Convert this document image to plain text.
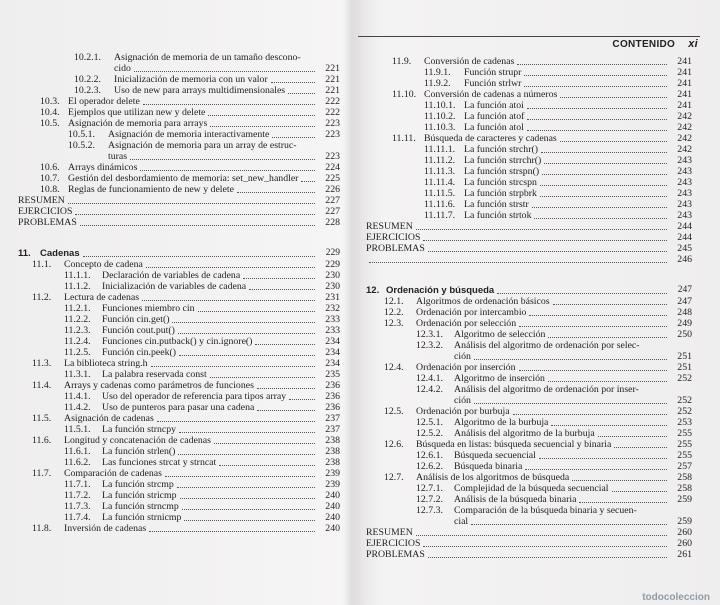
CONTENIDO xi
10.2.1.	Asignación de memoria de un tamaño descono-
cido	221
10.2.2.	Inicialización de memoria con un valor	221
10.2.3.	Uso de new para arrays multidimensionales	221
10.3. El operador delete	222
10.4. Ejemplos que utilizan new y delete	222
10.5. Asignación de memoria para arrays	223
10.5.1.	Asignación de memoria interactivamente	223
10.5.2.	Asignación de memoria para un array de estruc-
turas	223
10.6. Arrays dinámicos	224
10.7. Gestión del desbordamiento de memoria: set_new_handler	225
10.8. Reglas de funcionamiento de new y delete	226
RESUMEN	227
EJERCICIOS	227
PROBLEMAS	228
11. Cadenas	229
11.1.	Concepto de cadena	229
11.1.1.	Declaración de variables de cadena	230
11.1.2.	Inicialización de variables de cadena	230
11.2.	Lectura de cadenas	231
11.2.1.	Funciones miembro cin	232
11.2.2.	Función cin.get()	233
11.2.3.	Función cout.put()	233
11.2.4.	Funciones cin.putback() y cin.ignore()	234
11.2.5.	Función cin.peek()	234
11.3.	La biblioteca string.h	234
11.3.1.	La palabra reservada const	235
11.4.	Arrays y cadenas como parámetros de funciones	236
11.4.1.	Uso del operador de referencia para tipos array	236
11.4.2.	Uso de punteros para pasar una cadena	236
11.5.	Asignación de cadenas	237
11.5.1.	La función strncpy	237
11.6.	Longitud y concatenación de cadenas	238
11.6.1.	La función strlen()	238
11.6.2.	Las funciones strcat y strncat	238
11.7.	Comparación de cadenas	239
11.7.1.	La función strcmp	239
11.7.2.	La función stricmp	240
11.7.3.	La función strncmp	240
11.7.4.	La función strnicmp	240
11.8.	Inversión de cadenas	240
11.9.	Conversión de cadenas	241
11.9.1.	Función strupr	241
11.9.2.	Función strlwr	241
11.10. Conversión de cadenas a números	241
11.10.1. La función atoi	241
11.10.2. La función atof	242
11.10.3. La función atol	242
11.11. Búsqueda de caracteres y cadenas	242
11.11.1. La función strchr()	242
11.11.2. La función strrchr()	243
11.11.3. La función strspn()	243
11.11.4. La función strcspn	243
11.11.5. La función strpbrk	243
11.11.6. La función strstr	243
11.11.7. La función strtok	243
RESUMEN	244
EJERCICIOS	244
PROBLEMAS	245
246
12. Ordenación y búsqueda	247
12.1.	Algoritmos de ordenación básicos	247
12.2.	Ordenación por intercambio	248
12.3.	Ordenación por selección	249
12.3.1.	Algoritmo de selección	250
12.3.2.	Análisis del algoritmo de ordenación por selec-
ción	251
12.4.	Ordenación por inserción	251
12.4.1.	Algoritmo de inserción	252
12.4.2.	Análisis del algoritmo de ordenación por inser-
ción	252
12.5.	Ordenación por burbuja	252
12.5.1.	Algoritmo de la burbuja	253
12.5.2.	Análisis del algoritmo de la burbuja	255
12.6.	Búsqueda en listas: búsqueda secuencial y binaria	255
12.6.1.	Búsqueda secuencial	255
12.6.2.	Búsqueda binaria	257
12.7.	Análisis de los algoritmos de búsqueda	258
12.7.1.	Complejidad de la búsqueda secuencial	258
12.7.2.	Análisis de la búsqueda binaria	259
12.7.3.	Comparación de la búsqueda binaria y secuen-
cial	259
RESUMEN	260
EJERCICIOS	260
PROBLEMAS	261
todocoleccion
